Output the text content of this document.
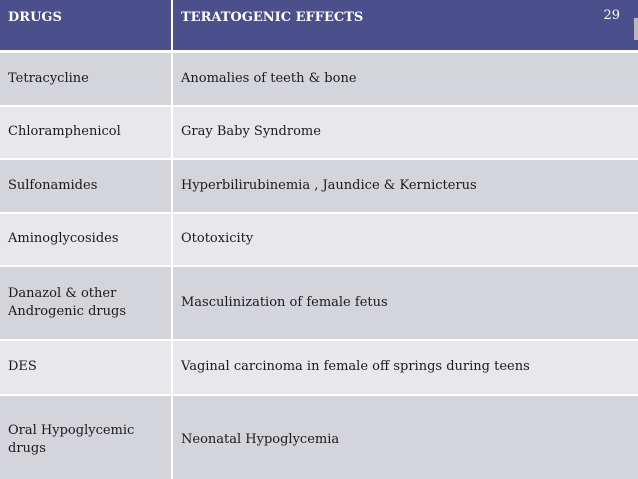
DRUGS	TERATOGENIC EFFECTS

Tetracycline	Anomalies of teeth & bone

Chloramphenicol	Gray Baby Syndrome

Sulfonamides	Hyperbilirubinemia , Jaundice & Kernicterus

Aminoglycosides	Ototoxicity

Danazol & other
Androgenic drugs	Masculinization of female fetus

DES	Vaginal carcinoma in female off springs during teens

Oral Hypoglycemic
drugs	Neonatal Hypoglycemia
29
